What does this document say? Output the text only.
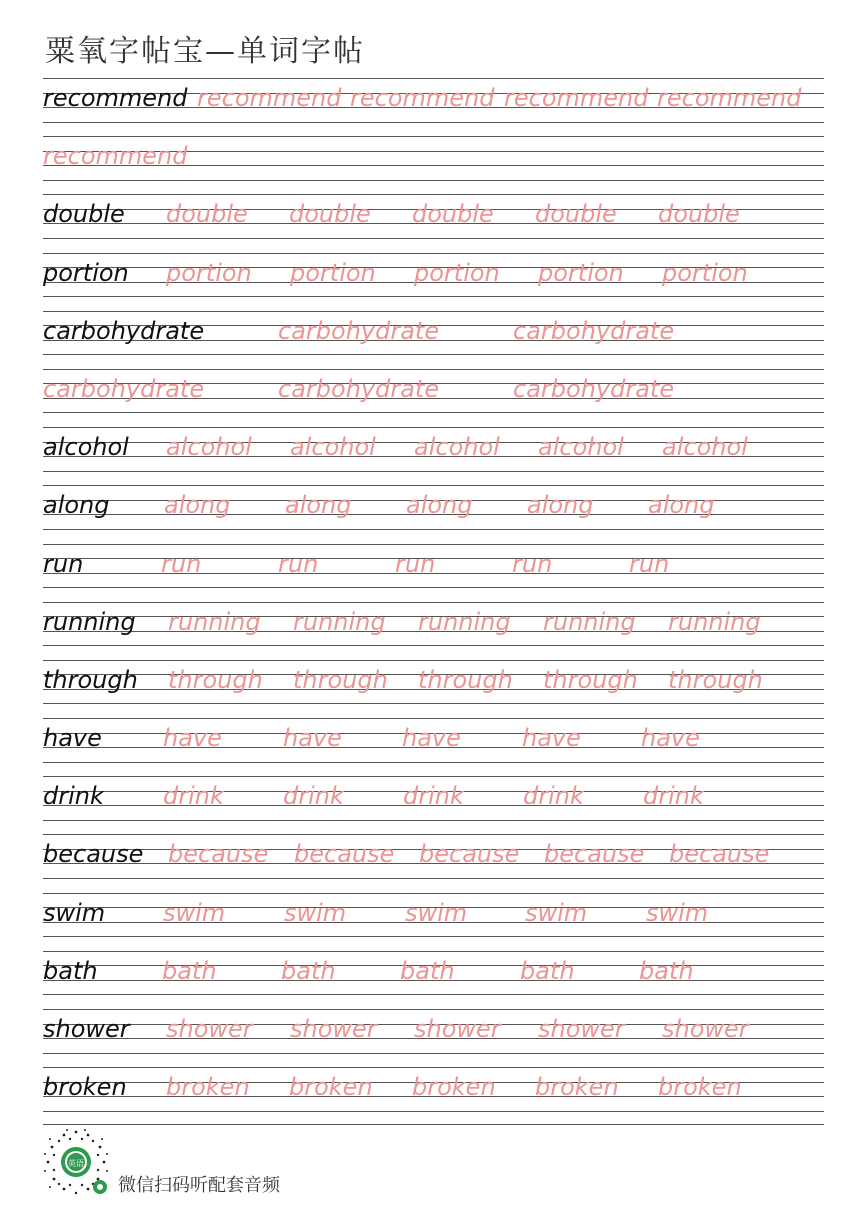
粟氧字帖宝—单词字帖
recommend recommend recommend recommend recommend
recommend
double double double double double double
portion portion portion portion portion portion
carbohydrate	carbohydrate	carbohydrate
carbohydrate	carbohydrate	carbohydrate
alcohol alcohol alcohol alcohol alcohol alcohol
along along along along along along
run	run	run	run	run	run
running running running running running running
through through through through through through
have	have	have	have	have	have
drink drink drink drink drink drink
because because because because because because
swim swim swim swim swim swim
bath	bath	bath	bath	bath	bath
shower shower shower shower shower shower
broken broken broken broken broken broken
英语
微信扫码听配套音频
